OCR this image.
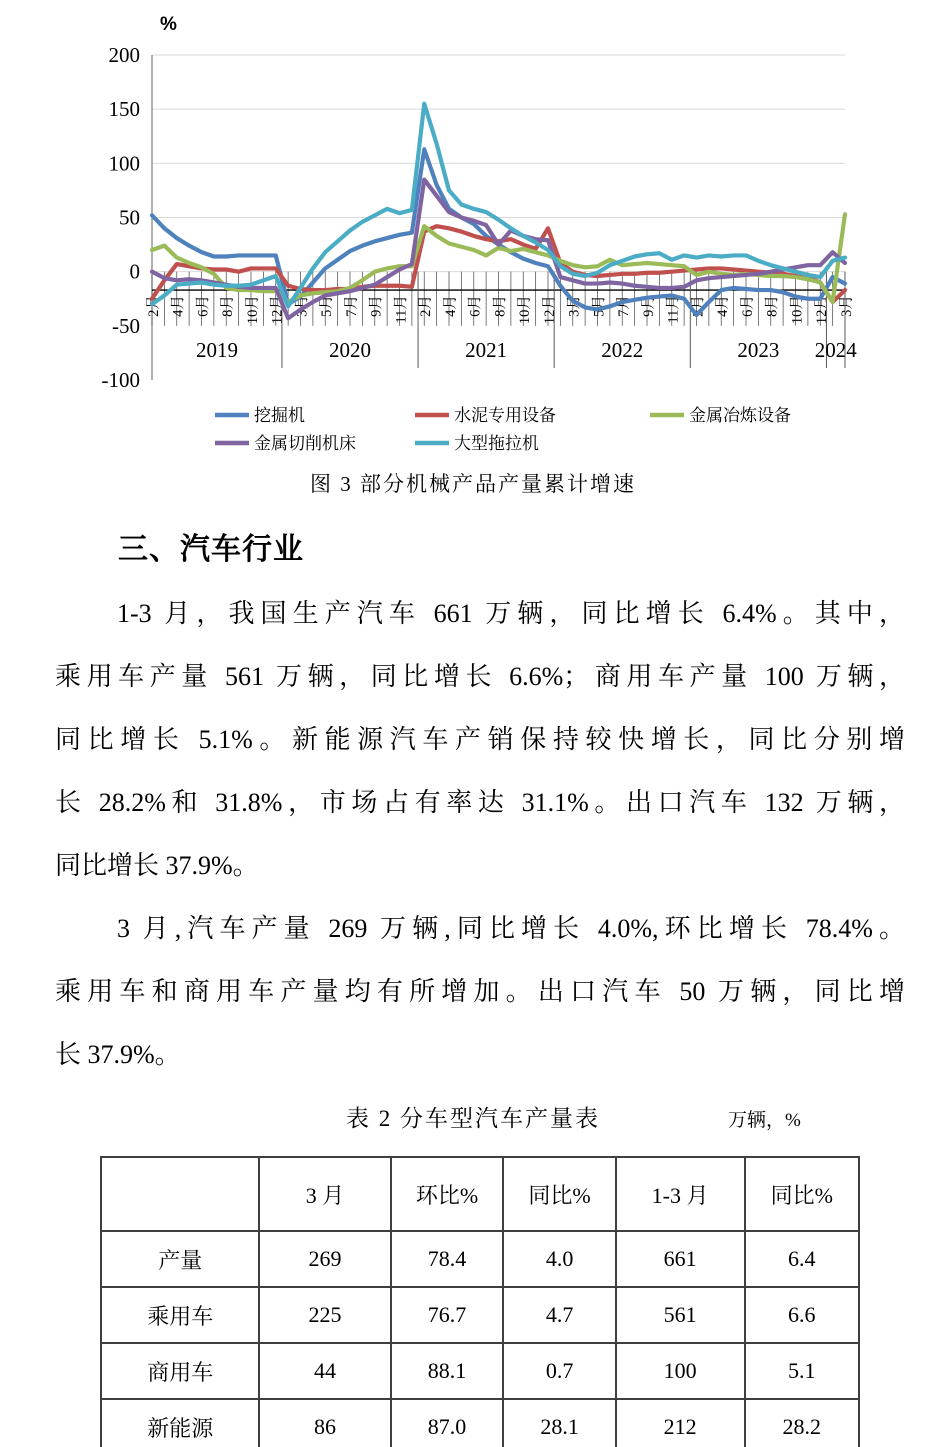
200
150
100
50
0
-50
-100
%
2月 4月 6月 8月 10月 12月 3月 5月 7月 9月 11月 2月 4月 6月 8月 10月 12月 3月 5月 7月 9月 11月 2月 4月 6月 8月 10月 12月 3月
2019	2020	2021	2022	2023 2024
挖掘机	水泥专用设备	金属冶炼设备
金属切削机床	大型拖拉机
图 3 部分机械产品产量累计增速
三、汽车行业
1-3 月，我国生产汽车 661 万辆，同比增长 6.4%。其中，
乘用车产量 561 万辆，同比增长 6.6%；商用车产量 100 万辆，
同比增长 5.1%。新能源汽车产销保持较快增长，同比分别增
长 28.2%和 31.8%，市场占有率达 31.1%。出口汽车 132 万辆，
同比增长 37.9%。
3 月,汽车产量 269 万辆,同比增长 4.0%,环比增长 78.4%。
乘用车和商用车产量均有所增加。出口汽车 50 万辆，同比增
长 37.9%。
表 2 分车型汽车产量表	万辆，%
	3 月	环比%	同比%	1-3 月	同比%
产量	269	78.4	4.0	661	6.4
乘用车	225	76.7	4.7	561	6.6
商用车	44	88.1	0.7	100	5.1
新能源	86	87.0	28.1	212	28.2
